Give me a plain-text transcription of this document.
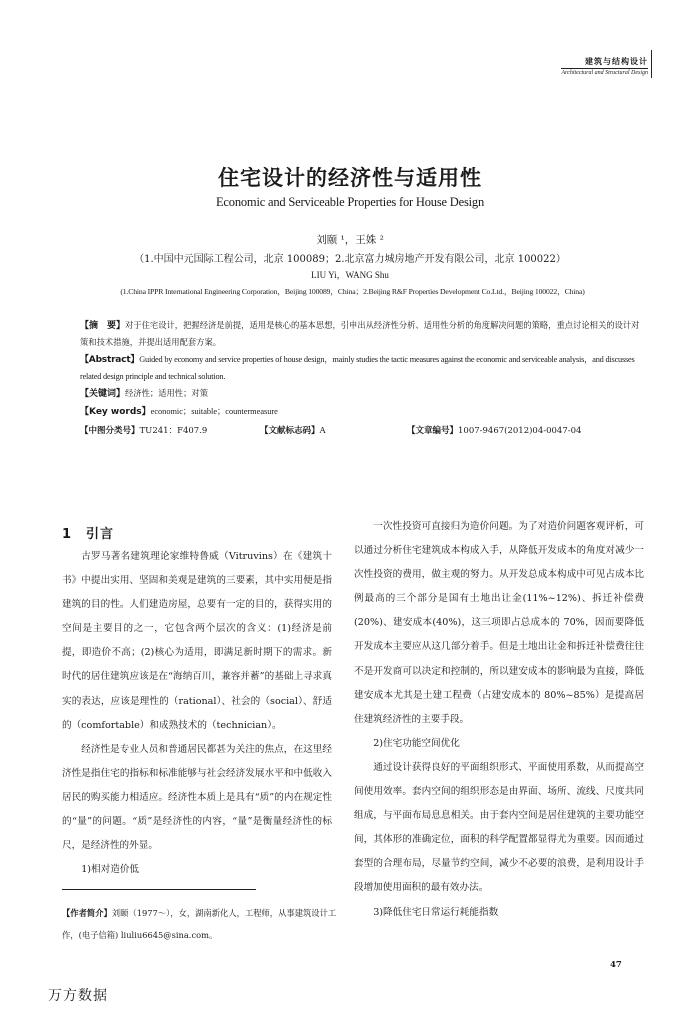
建筑与结构设计
Architectural and Structural Design
住宅设计的经济性与适用性
Economic and Serviceable Properties for House Design
刘颐 ¹，王姝 ²
（1.中国中元国际工程公司，北京 100089；2.北京富力城房地产开发有限公司，北京 100022）
LIU Yi，WANG Shu
(1.China IPPR International Engineering Corporation，Beijing 100089，China；2.Beijing R&F Properties Development Co.Ltd.，Beijing 100022，China)
【摘　要】对于住宅设计，把握经济是前提，适用是核心的基本思想，引申出从经济性分析、适用性分析的角度解决问题的策略，重点讨论相关的设计对策和技术措施，并提出适用配套方案。
【Abstract】Guided by economy and service properties of house design，mainly studies the tactic measures against the economic and serviceable analysis，and discusses related design principle and technical solution.
【关键词】经济性；适用性；对策
【Key words】economic；suitable；countermeasure
【中图分类号】TU241：F407.9	【文献标志码】A	【文章编号】1007-9467(2012)04-0047-04
1　引言

古罗马著名建筑理论家维特鲁威（Vitruvins）在《建筑十书》中提出实用、坚固和美观是建筑的三要素，其中实用便是指建筑的目的性。人们建造房屋，总要有一定的目的，获得实用的空间是主要目的之一，它包含两个层次的含义：(1)经济是前提，即造价不高；(2)核心为适用，即满足新时期下的需求。新时代的居住建筑应该是在“海纳百川，兼容并蓄”的基础上寻求真实的表达，应该是理性的（rational）、社会的（social）、舒适的（comfortable）和成熟技术的（technician）。

经济性是专业人员和普通居民都甚为关注的焦点，在这里经济性是指住宅的指标和标准能够与社会经济发展水平和中低收入居民的购买能力相适应。经济性本质上是具有“质”的内在规定性的“量”的问题。“质”是经济性的内容，“量”是衡量经济性的标尺，是经济性的外显。

1)相对造价低

一次性投资可直接归为造价问题。为了对造价问题客观评析，可以通过分析住宅建筑成本构成入手，从降低开发成本的角度对减少一次性投资的费用，做主观的努力。从开发总成本构成中可见占成本比例最高的三个部分是国有土地出让金(11%~12%)、拆迁补偿费(20%)、建安成本(40%)，这三项即占总成本的 70%，因而要降低开发成本主要应从这几部分着手。但是土地出让金和拆迁补偿费往往不是开发商可以决定和控制的，所以建安成本的影响最为直接，降低建安成本尤其是土建工程费（占建安成本的 80%~85%）是提高居住建筑经济性的主要手段。

2)住宅功能空间优化

通过设计获得良好的平面组织形式、平面使用系数，从而提高空间使用效率。套内空间的组织形态是由界面、场所、流线、尺度共同组成，与平面布局息息相关。由于套内空间是居住建筑的主要功能空间，其体形的准确定位，面积的科学配置都显得尤为重要。因而通过套型的合理布局，尽量节约空间，减少不必要的浪费，是利用设计手段增加使用面积的最有效办法。

3)降低住宅日常运行耗能指数

【作者简介】刘颐（1977～），女，湖南新化人，工程师，从事建筑设计工作，(电子信箱) liuliu6645@sina.com。
47
万方数据
